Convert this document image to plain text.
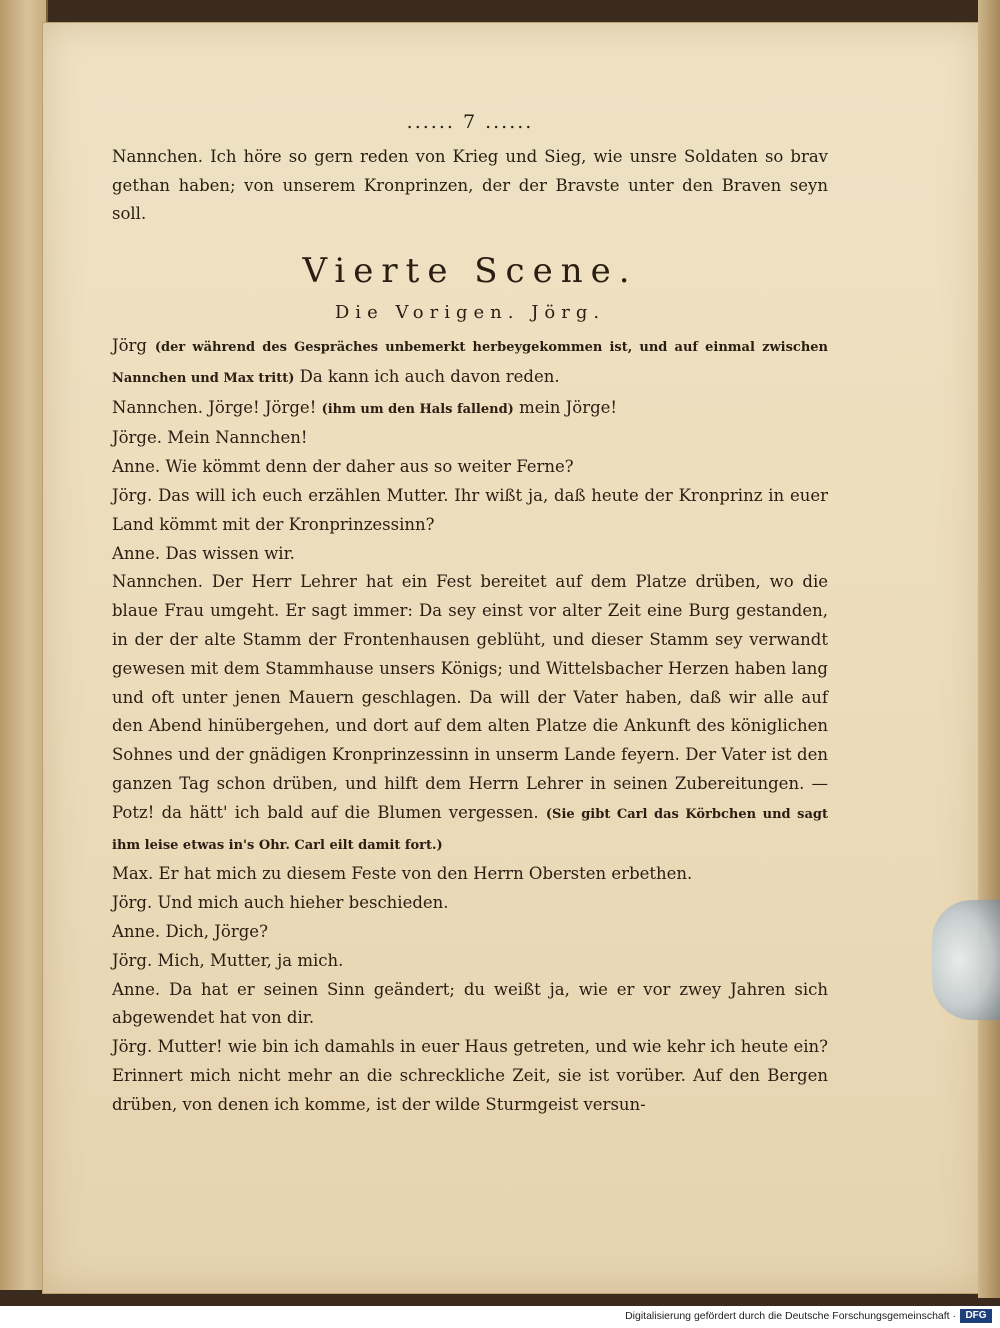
...... 7 ......

Nannchen. Ich höre so gern reden von Krieg und Sieg, wie unsre Soldaten so brav gethan haben; von unserem Kronprinzen, der der Bravste unter den Braven seyn soll.

Vierte Scene.
Die Vorigen. Jörg.

Jörg (der während des Gespräches unbemerkt herbeygekommen ist, und auf einmal zwischen Nannchen und Max tritt) Da kann ich auch davon reden.

Nannchen. Jörge! Jörge! (ihm um den Hals fallend) mein Jörge!

Jörge. Mein Nannchen!

Anne. Wie kömmt denn der daher aus so weiter Ferne?

Jörg. Das will ich euch erzählen Mutter. Ihr wißt ja, daß heute der Kronprinz in euer Land kömmt mit der Kronprinzessinn?

Anne. Das wissen wir.

Nannchen. Der Herr Lehrer hat ein Fest bereitet auf dem Platze drüben, wo die blaue Frau umgeht. Er sagt immer: Da sey einst vor alter Zeit eine Burg gestanden, in der der alte Stamm der Frontenhausen geblüht, und dieser Stamm sey verwandt gewesen mit dem Stammhause unsers Königs; und Wittelsbacher Herzen haben lang und oft unter jenen Mauern geschlagen. Da will der Vater haben, daß wir alle auf den Abend hinübergehen, und dort auf dem alten Platze die Ankunft des königlichen Sohnes und der gnädigen Kronprinzessinn in unserm Lande feyern. Der Vater ist den ganzen Tag schon drüben, und hilft dem Herrn Lehrer in seinen Zubereitungen. — Potz! da hätt' ich bald auf die Blumen vergessen. (Sie gibt Carl das Körbchen und sagt ihm leise etwas in's Ohr. Carl eilt damit fort.)

Max. Er hat mich zu diesem Feste von den Herrn Obersten erbethen.

Jörg. Und mich auch hieher beschieden.

Anne. Dich, Jörge?

Jörg. Mich, Mutter, ja mich.

Anne. Da hat er seinen Sinn geändert; du weißt ja, wie er vor zwey Jahren sich abgewendet hat von dir.

Jörg. Mutter! wie bin ich damahls in euer Haus getreten, und wie kehr ich heute ein? Erinnert mich nicht mehr an die schreckliche Zeit, sie ist vorüber. Auf den Bergen drüben, von denen ich komme, ist der wilde Sturmgeist versun-

Digitalisierung gefördert durch die Deutsche Forschungsgemeinschaft · DFG
